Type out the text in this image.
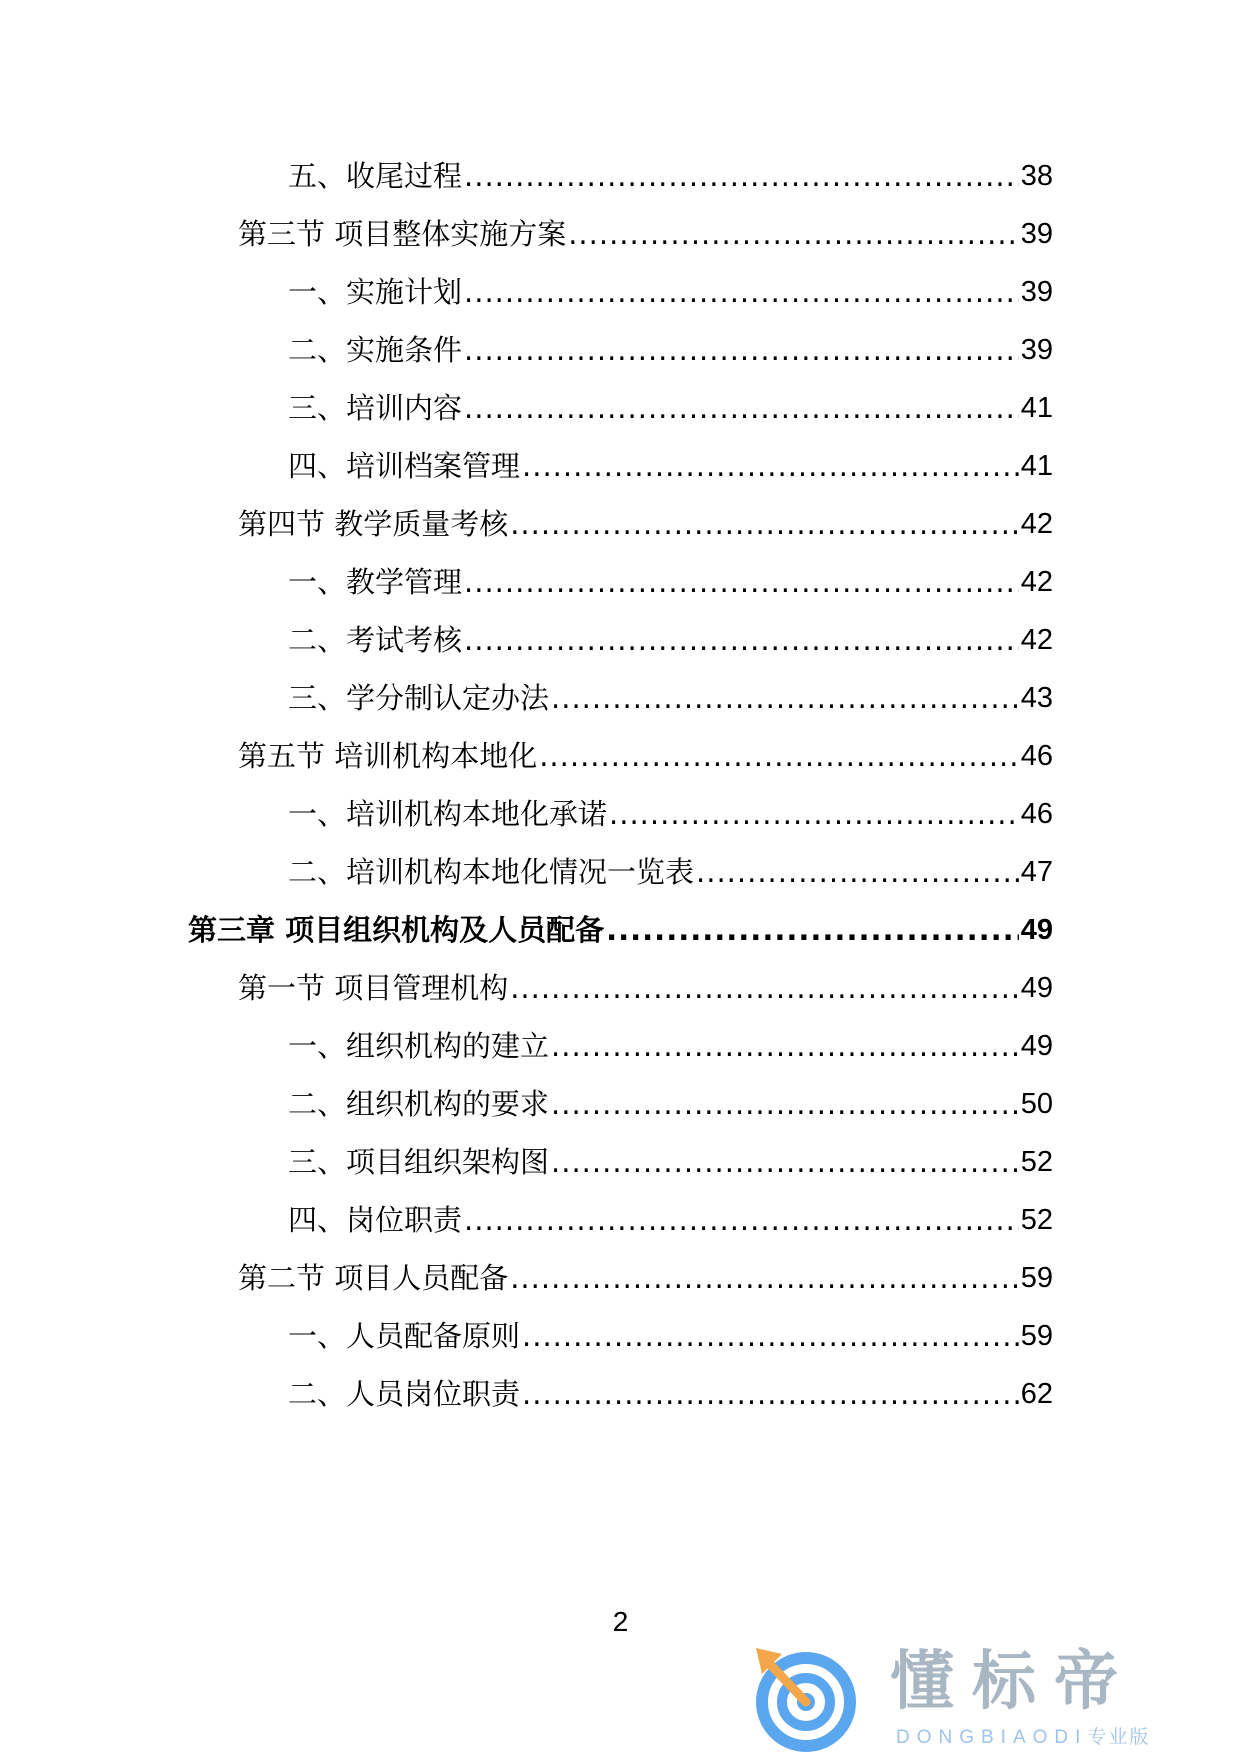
五、收尾过程 .....	38
第三节 项目整体实施方案 .....	39
一、实施计划 .....	39
二、实施条件 .....	39
三、培训内容 .....	41
四、培训档案管理 .....	41
第四节 教学质量考核 .....	42
一、教学管理 .....	42
二、考试考核 .....	42
三、学分制认定办法 .....	43
第五节 培训机构本地化 .....	46
一、培训机构本地化承诺 .....	46
二、培训机构本地化情况一览表 .....	47
第三章 项目组织机构及人员配备 .....	49
第一节 项目管理机构 .....	49
一、组织机构的建立 .....	49
二、组织机构的要求 .....	50
三、项目组织架构图 .....	52
四、岗位职责 .....	52
第二节 项目人员配备 .....	59
一、人员配备原则 .....	59
二、人员岗位职责 .....	62
2
懂标帝
DONGBIAODI专业版
